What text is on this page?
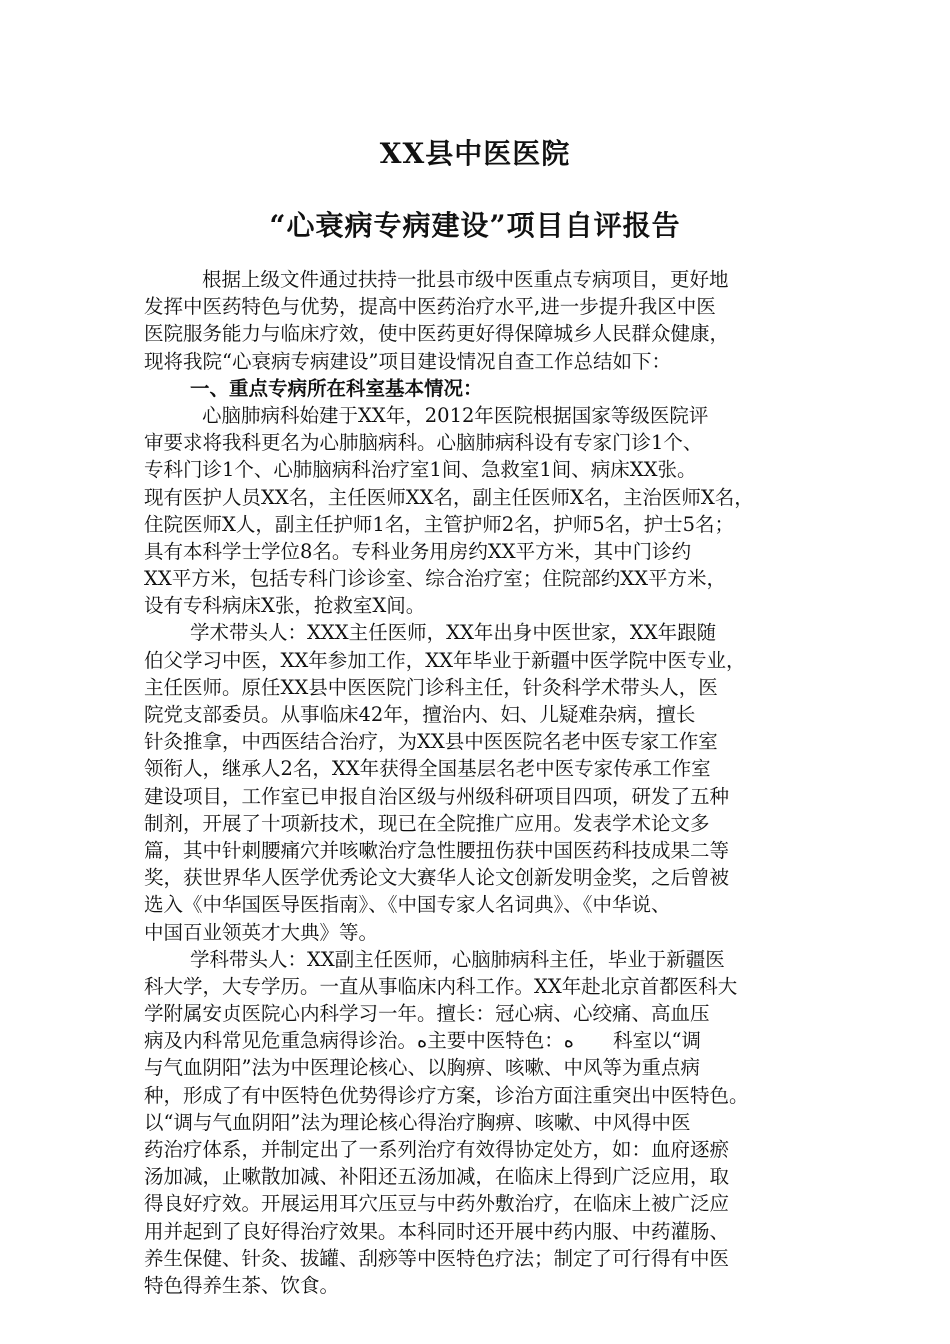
XX县中医医院
“心衰病专病建设”项目自评报告
根据上级文件通过扶持一批县市级中医重点专病项目，更好地
发挥中医药特色与优势，提高中医药治疗水平,进一步提升我区中医
医院服务能力与临床疗效，使中医药更好得保障城乡人民群众健康，
现将我院“心衰病专病建设”项目建设情况自查工作总结如下：
一、重点专病所在科室基本情况：
心脑肺病科始建于XX年，2012年医院根据国家等级医院评
审要求将我科更名为心肺脑病科。心脑肺病科设有专家门诊1个、
专科门诊1个、心肺脑病科治疗室1间、急救室1间、病床XX张。
现有医护人员XX名，主任医师XX名，副主任医师X名，主治医师X名，
住院医师X人，副主任护师1名，主管护师2名，护师5名，护士5名；
具有本科学士学位8名。专科业务用房约XX平方米，其中门诊约
XX平方米，包括专科门诊诊室、综合治疗室；住院部约XX平方米，
设有专科病床X张，抢救室X间。
学术带头人：XXX主任医师，XX年出身中医世家，XX年跟随
伯父学习中医，XX年参加工作，XX年毕业于新疆中医学院中医专业，
主任医师。原任XX县中医医院门诊科主任，针灸科学术带头人，医
院党支部委员。从事临床42年，擅治内、妇、儿疑难杂病，擅长
针灸推拿，中西医结合治疗，为XX县中医医院名老中医专家工作室
领衔人，继承人2名，XX年获得全国基层名老中医专家传承工作室
建设项目，工作室已申报自治区级与州级科研项目四项，研发了五种
制剂，开展了十项新技术，现已在全院推广应用。发表学术论文多
篇，其中针刺腰痛穴并咳嗽治疗急性腰扭伤获中国医药科技成果二等
奖，获世界华人医学优秀论文大赛华人论文创新发明金奖，之后曾被
选入《中华国医导医指南》、《中国专家人名词典》、《中华说、
中国百业领英才大典》等。
学科带头人：XX副主任医师，心脑肺病科主任，毕业于新疆医
科大学，大专学历。一直从事临床内科工作。XX年赴北京首都医科大
学附属安贞医院心内科学习一年。擅长：冠心病、心绞痛、高血压
病及内科常见危重急病得诊治。ﻩ主要中医特色：ﻩ　　科室以“调
与气血阴阳”法为中医理论核心、以胸痹、咳嗽、中风等为重点病
种，形成了有中医特色优势得诊疗方案，诊治方面注重突出中医特色。
以“调与气血阴阳”法为理论核心得治疗胸痹、咳嗽、中风得中医
药治疗体系，并制定出了一系列治疗有效得协定处方，如：血府逐瘀
汤加减，止嗽散加减、补阳还五汤加减，在临床上得到广泛应用，取
得良好疗效。开展运用耳穴压豆与中药外敷治疗，在临床上被广泛应
用并起到了良好得治疗效果。本科同时还开展中药内服、中药灌肠、
养生保健、针灸、拔罐、刮痧等中医特色疗法；制定了可行得有中医
特色得养生茶、饮食。
